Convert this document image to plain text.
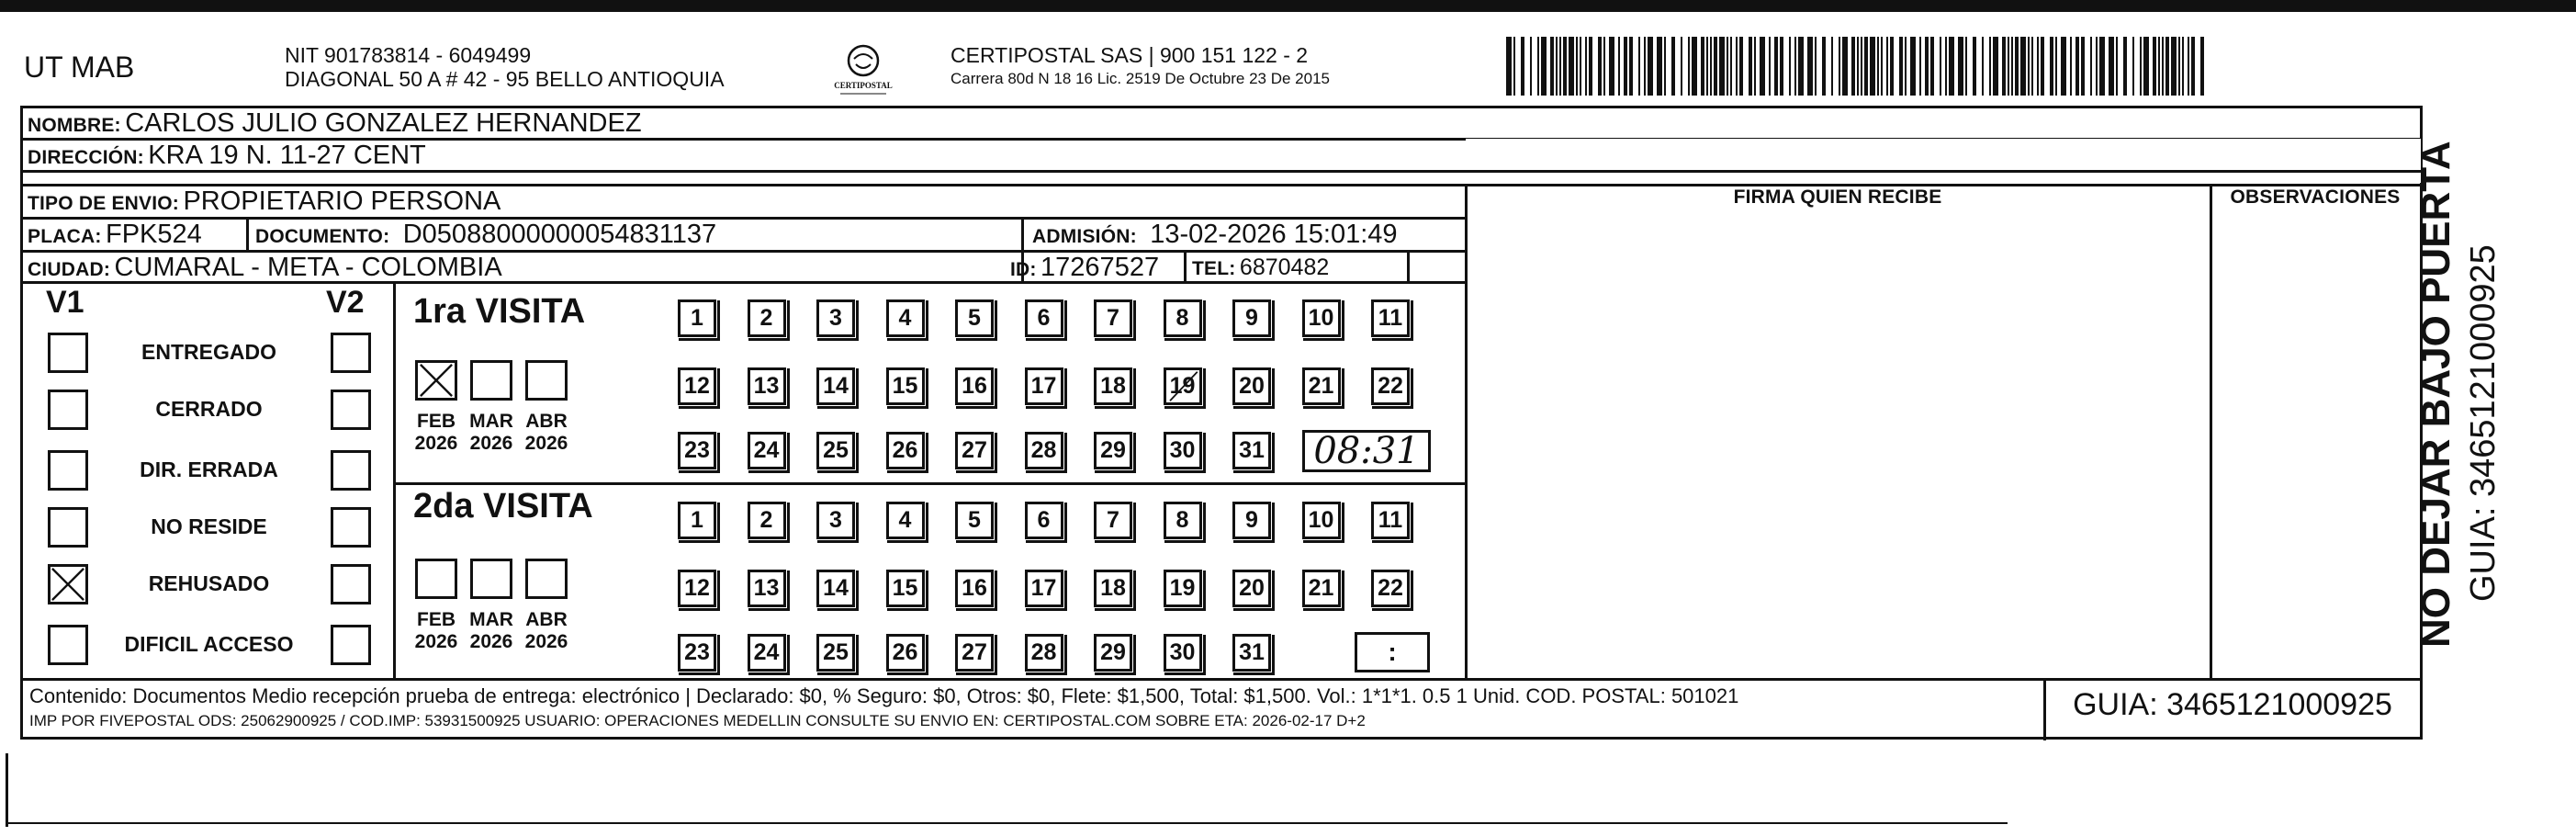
UT MAB	NIT 901783814 - 6049499
DIAGONAL 50 A # 42 - 95 BELLO ANTIOQUIA	CERTIPOSTAL
CERTIPOSTAL SAS | 900 151 122 - 2
Carrera 80d N 18 16 Lic. 2519 De Octubre 23 De 2015
NOMBRE: CARLOS JULIO GONZALEZ HERNANDEZ
DIRECCIÓN: KRA 19 N. 11-27 CENT
TIPO DE ENVIO: PROPIETARIO PERSONA	FIRMA QUIEN RECIBE	OBSERVACIONES
PLACA: FPK524	DOCUMENTO: D05088000000054831137	ADMISIÓN: 13-02-2026 15:01:49
CIUDAD: CUMARAL - META - COLOMBIA	ID: 17267527 TEL: 6870482
V1	V2 1ra VISITA
2da VISITA
Contenido: Documentos Medio recepción prueba de entrega: electrónico | Declarado: $0, % Seguro: $0, Otros: $0, Flete: $1,500, Total: $1,500. Vol.: 1*1*1. 0.5 1 Unid. COD. POSTAL: 501021
IMP POR FIVEPOSTAL ODS: 25062900925 / COD.IMP: 53931500925 USUARIO: OPERACIONES MEDELLIN CONSULTE SU ENVIO EN: CERTIPOSTAL.COM SOBRE ETA: 2026-02-17 D+2	GUIA: 3465121000925
NO DEJAR BAJO PUERTA GUIA: 3465121000925
ENTREGADO
CERRADO
DIR. ERRADA
NO RESIDE
REHUSADO
DIFICIL ACCESO
FEB
2026
MAR
2026
ABR
2026
FEB
2026
MAR
2026
ABR
2026
1 2 3 4 5 6 7 8 9 10 11
12 13 14 15 16 17 18 19 20 21 22
23 24 25 26 27 28 29 30 31
1 2 3 4 5 6 7 8 9 10 11
12 13 14 15 16 17 18 19 20 21 22
23 24 25 26 27 28 29 30 31
08:31
:
